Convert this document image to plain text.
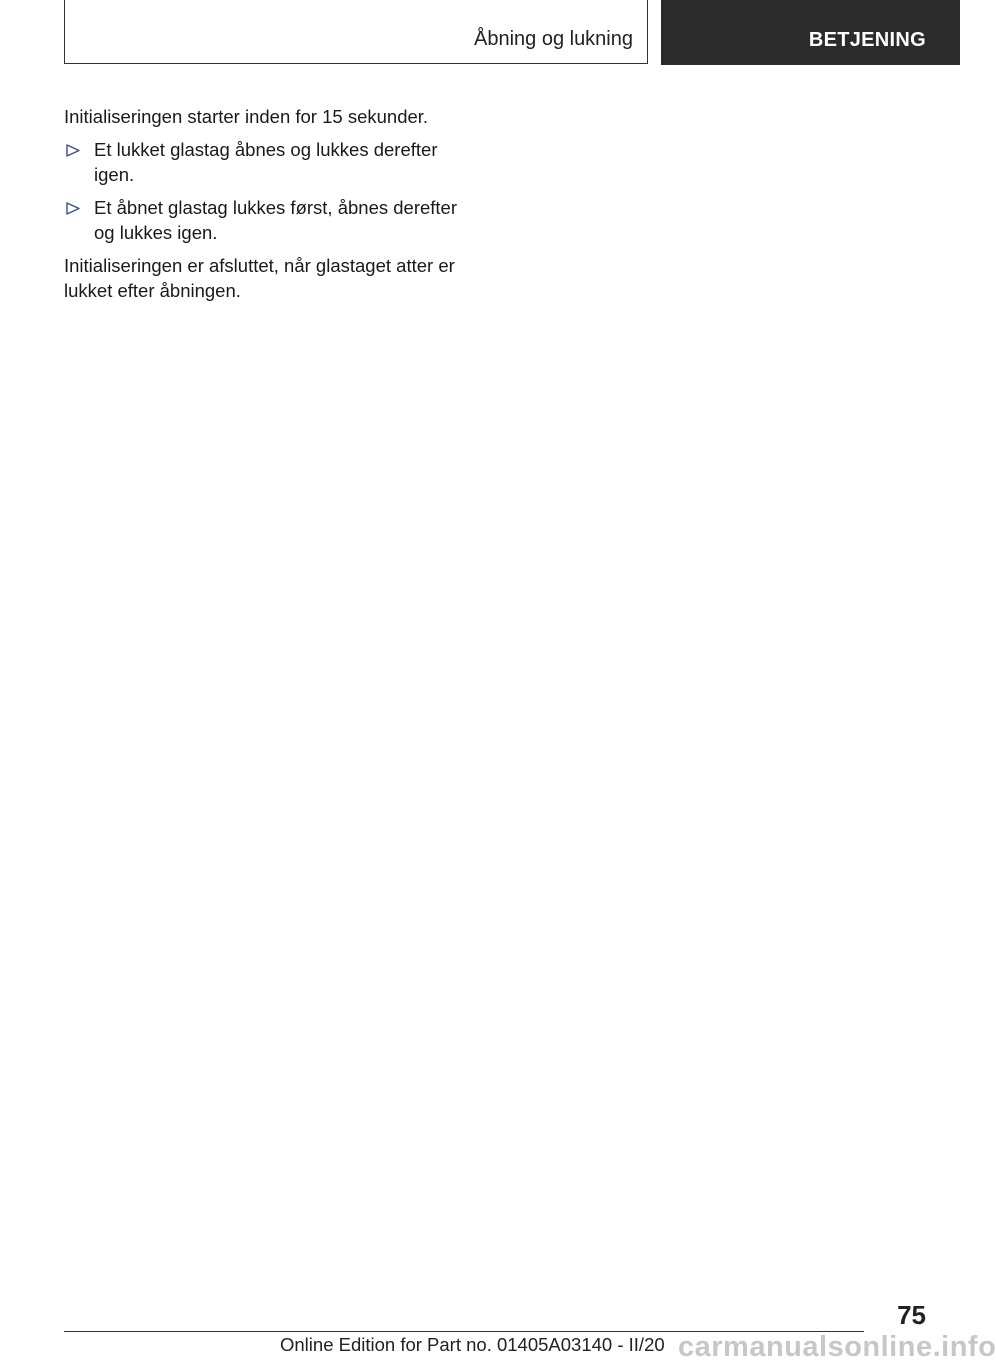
Åbning og lukning	BETJENING

Initialiseringen starter inden for 15 sekunder.

Et lukket glastag åbnes og lukkes derefter igen.
Et åbnet glastag lukkes først, åbnes derefter og lukkes igen.

Initialiseringen er afsluttet, når glastaget atter er lukket efter åbningen.

75
Online Edition for Part no. 01405A03140 - II/20 carmanualsonline.info
